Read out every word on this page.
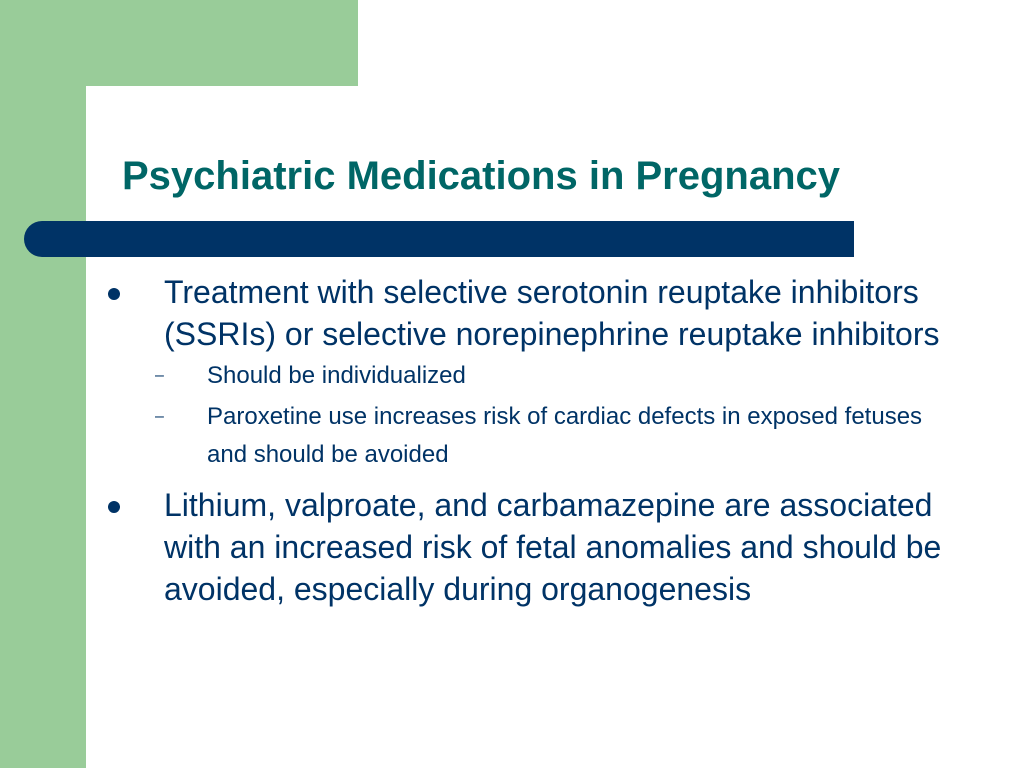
Psychiatric Medications in Pregnancy
Treatment with selective serotonin reuptake inhibitors (SSRIs) or selective norepinephrine reuptake inhibitors
– Should be individualized
– Paroxetine use increases risk of cardiac defects in exposed fetuses and should be avoided
Lithium, valproate, and carbamazepine are associated with an increased risk of fetal anomalies and should be avoided, especially during organogenesis
